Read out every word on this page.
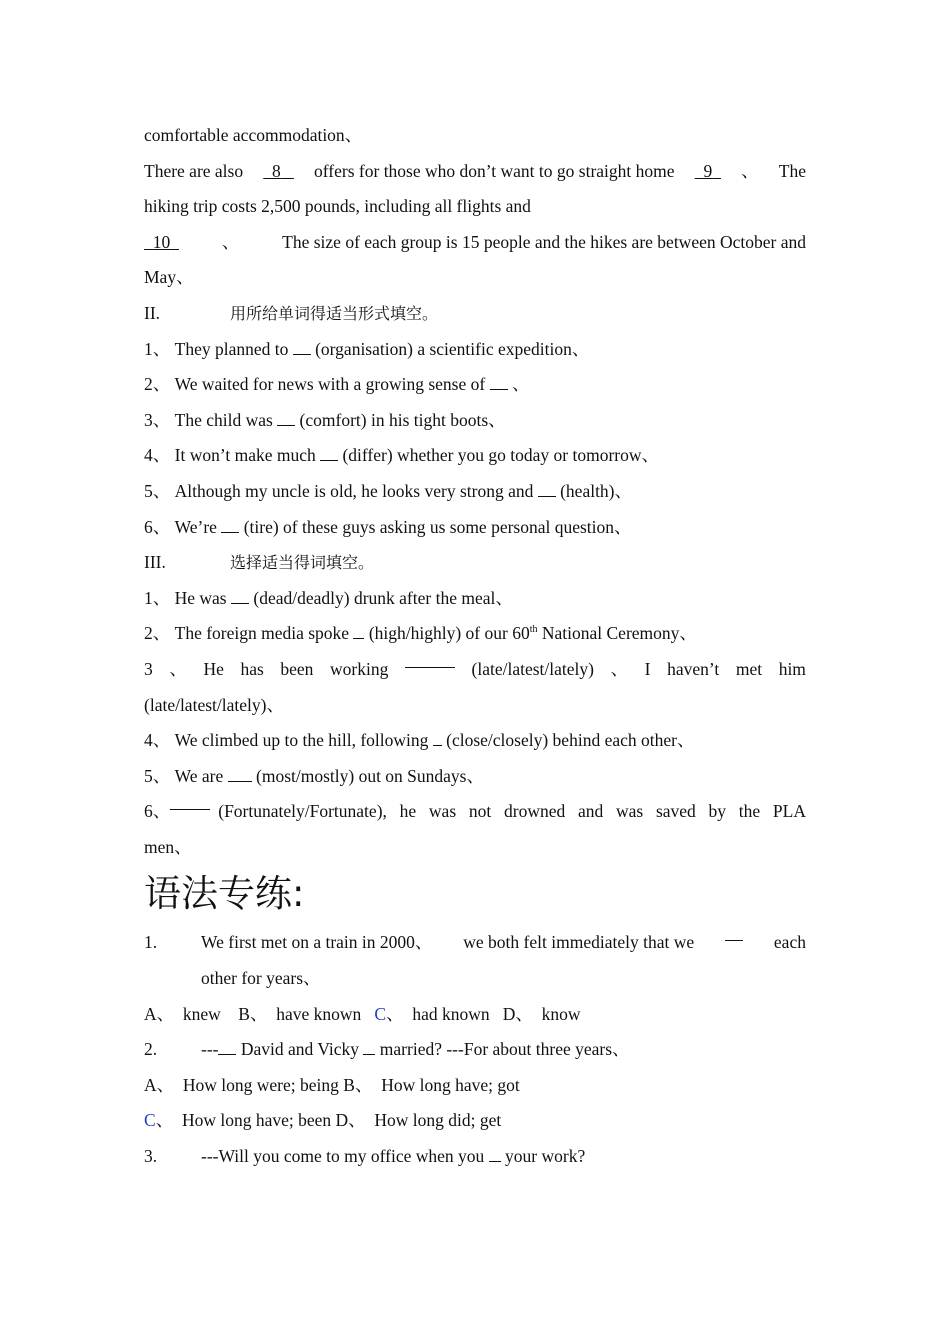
comfortable accommodation、
There are also	8	offers for those who don’t want to go straight home	9	、 The
hiking trip costs 2,500 pounds, including all flights and
10	、 The size of each group is 15 people and the hikes are between October and
May、
II.	用所给单词得适当形式填空。
1、 They planned to (organisation) a scientific expedition、
2、 We waited for news with a growing sense of 、
3、 The child was (comfort) in his tight boots、
4、 It won’t make much (differ) whether you go today or tomorrow、
5、 Although my uncle is old, he looks very strong and (health)、
6、 We’re (tire) of these guys asking us some personal question、
III.	选择适当得词填空。
1、 He was (dead/deadly) drunk after the meal、
2、 The foreign media spoke (high/highly) of our 60th National Ceremony、
3 、 He has been working	(late/latest/lately) 、 I haven’t met him
(late/latest/lately)、
4、 We climbed up to the hill, following (close/closely) behind each other、
5、 We are (most/mostly) out on Sundays、
6、	(Fortunately/Fortunate), he was not drowned and was saved by the PLA
men、
语法专练:
1.	We first met on a train in 2000、 we both felt immediately that we	each
other for years、
A、 knew B、 have known C、 had known D、 know
2.	--- David and Vicky married? ---For about three years、
A、 How long were; being B、 How long have; got
C、 How long have; been D、 How long did; get
3.	---Will you come to my office when you your work?
